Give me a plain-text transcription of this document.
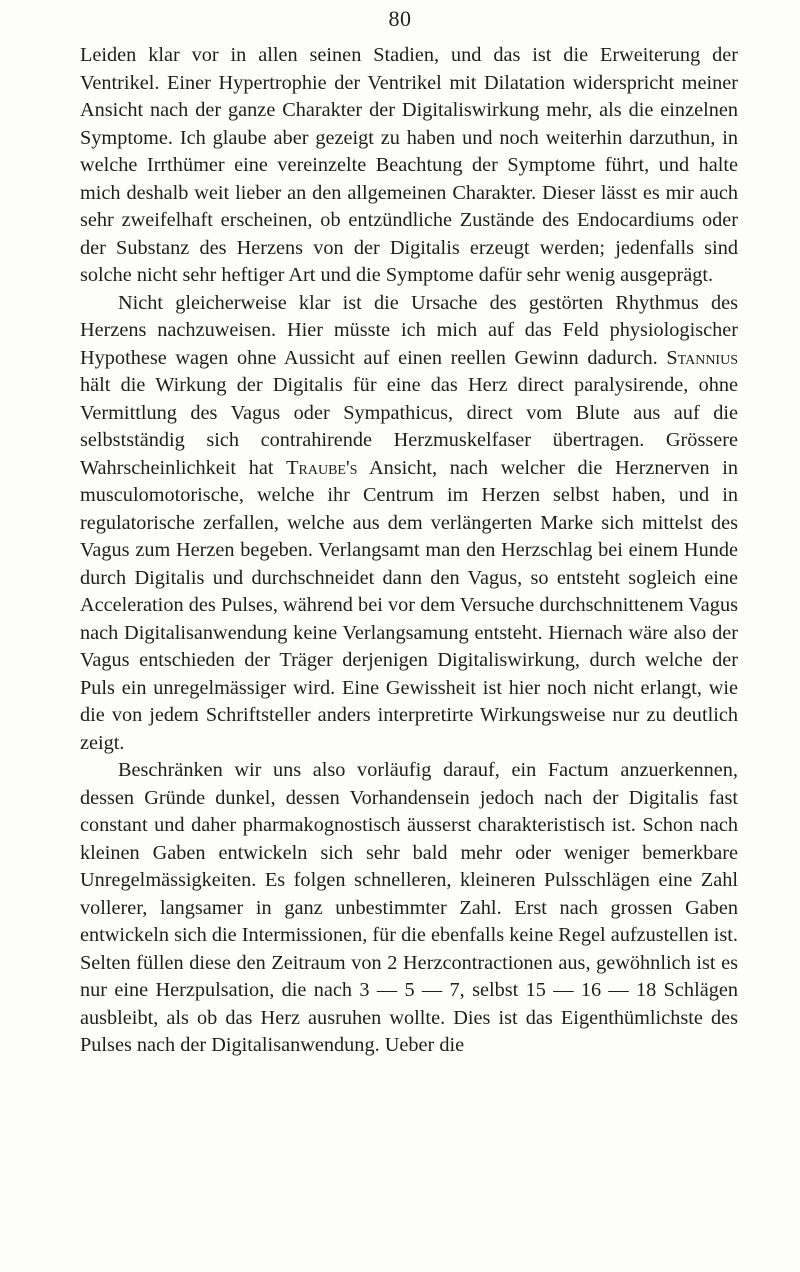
80

Leiden klar vor in allen seinen Stadien, und das ist die Erweiterung der Ventrikel. Einer Hypertrophie der Ventrikel mit Dilatation widerspricht meiner Ansicht nach der ganze Charakter der Digitaliswirkung mehr, als die einzelnen Symptome. Ich glaube aber gezeigt zu haben und noch weiterhin darzuthun, in welche Irrthümer eine vereinzelte Beachtung der Symptome führt, und halte mich deshalb weit lieber an den allgemeinen Charakter. Dieser lässt es mir auch sehr zweifelhaft erscheinen, ob entzündliche Zustände des Endocardiums oder der Substanz des Herzens von der Digitalis erzeugt werden; jedenfalls sind solche nicht sehr heftiger Art und die Symptome dafür sehr wenig ausgeprägt.

Nicht gleicherweise klar ist die Ursache des gestörten Rhythmus des Herzens nachzuweisen. Hier müsste ich mich auf das Feld physiologischer Hypothese wagen ohne Aussicht auf einen reellen Gewinn dadurch. Stannius hält die Wirkung der Digitalis für eine das Herz direct paralysirende, ohne Vermittlung des Vagus oder Sympathicus, direct vom Blute aus auf die selbstständig sich contrahirende Herzmuskelfaser übertragen. Grössere Wahrscheinlichkeit hat Traube's Ansicht, nach welcher die Herznerven in musculomotorische, welche ihr Centrum im Herzen selbst haben, und in regulatorische zerfallen, welche aus dem verlängerten Marke sich mittelst des Vagus zum Herzen begeben. Verlangsamt man den Herzschlag bei einem Hunde durch Digitalis und durchschneidet dann den Vagus, so entsteht sogleich eine Acceleration des Pulses, während bei vor dem Versuche durchschnittenem Vagus nach Digitalisanwendung keine Verlangsamung entsteht. Hiernach wäre also der Vagus entschieden der Träger derjenigen Digitaliswirkung, durch welche der Puls ein unregelmässiger wird. Eine Gewissheit ist hier noch nicht erlangt, wie die von jedem Schriftsteller anders interpretirte Wirkungsweise nur zu deutlich zeigt.

Beschränken wir uns also vorläufig darauf, ein Factum anzuerkennen, dessen Gründe dunkel, dessen Vorhandensein jedoch nach der Digitalis fast constant und daher pharmakognostisch äusserst charakteristisch ist. Schon nach kleinen Gaben entwickeln sich sehr bald mehr oder weniger bemerkbare Unregelmässigkeiten. Es folgen schnelleren, kleineren Pulsschlägen eine Zahl vollerer, langsamer in ganz unbestimmter Zahl. Erst nach grossen Gaben entwickeln sich die Intermissionen, für die ebenfalls keine Regel aufzustellen ist. Selten füllen diese den Zeitraum von 2 Herzcontractionen aus, gewöhnlich ist es nur eine Herzpulsation, die nach 3 — 5 — 7, selbst 15 — 16 — 18 Schlägen ausbleibt, als ob das Herz ausruhen wollte. Dies ist das Eigenthümlichste des Pulses nach der Digitalisanwendung. Ueber die
